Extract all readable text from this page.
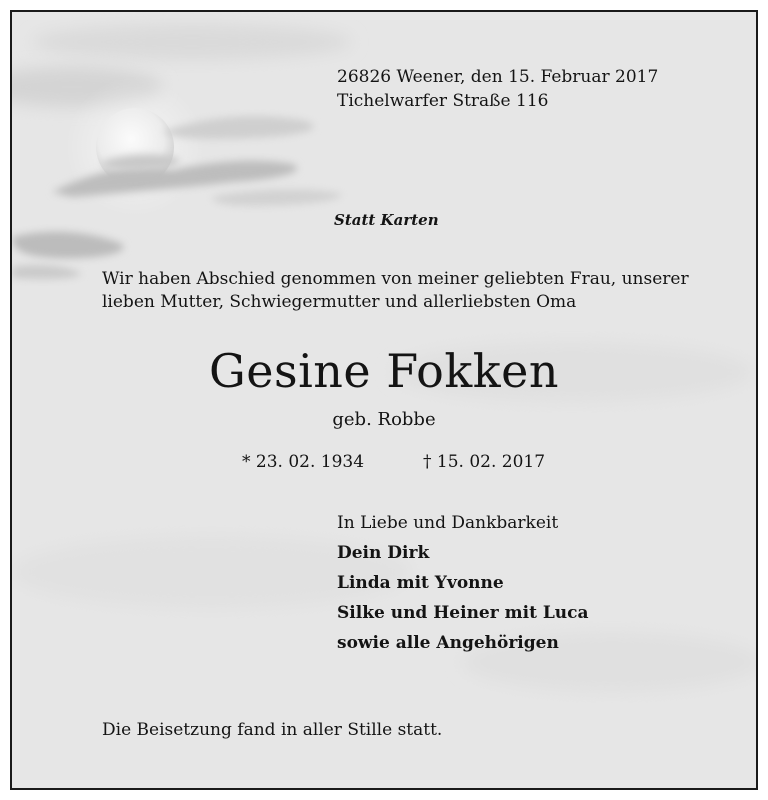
26826 Weener, den 15. Februar 2017
Tichelwarfer Straße 116
Statt Karten
Wir haben Abschied genommen von meiner geliebten Frau, unserer
lieben Mutter, Schwiegermutter und allerliebsten Oma
Gesine Fokken
geb. Robbe
* 23. 02. 1934	† 15. 02. 2017
In Liebe und Dankbarkeit
Dein Dirk
Linda mit Yvonne
Silke und Heiner mit Luca
sowie alle Angehörigen
Die Beisetzung fand in aller Stille statt.
